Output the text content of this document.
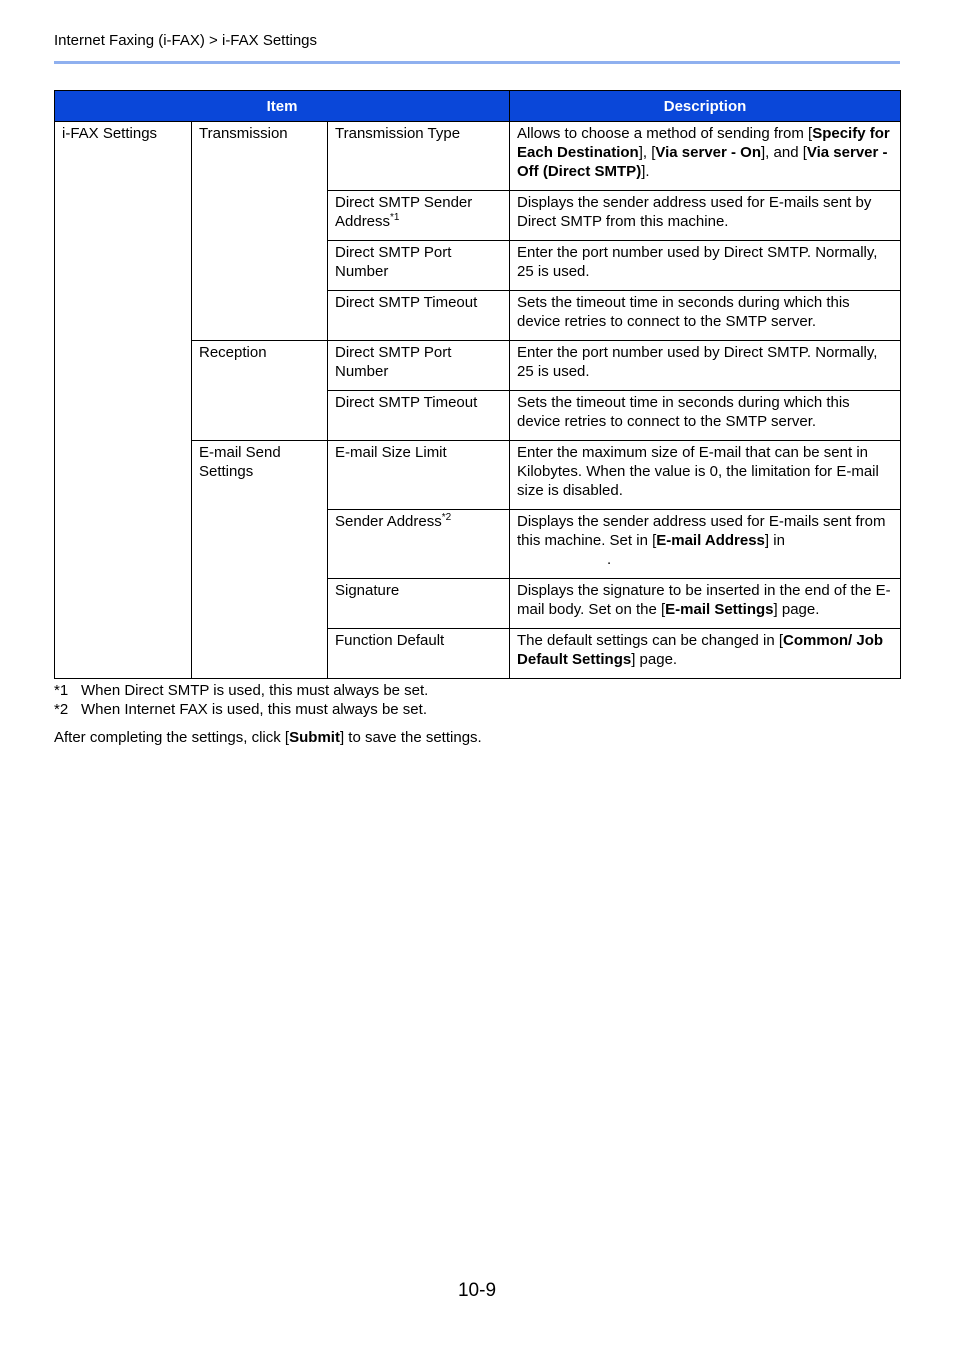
Internet Faxing (i-FAX) > i-FAX Settings
Item			Description
i-FAX Settings	Transmission	Transmission Type	Allows to choose a method of sending from [Specify for Each Destination], [Via server - On], and [Via server - Off (Direct SMTP)].
		Direct SMTP Sender Address$^{*1}$	Displays the sender address used for E-mails sent by Direct SMTP from this machine.
		Direct SMTP Port Number	Enter the port number used by Direct SMTP. Normally, 25 is used.
		Direct SMTP Timeout	Sets the timeout time in seconds during which this device retries to connect to the SMTP server.
	Reception	Direct SMTP Port Number	Enter the port number used by Direct SMTP. Normally, 25 is used.
		Direct SMTP Timeout	Sets the timeout time in seconds during which this device retries to connect to the SMTP server.
	E-mail Send Settings	E-mail Size Limit	Enter the maximum size of E-mail that can be sent in Kilobytes. When the value is 0, the limitation for E-mail size is disabled.
		Sender Address$^{*2}$	Displays the sender address used for E-mails sent from this machine. Set in [E-mail Address] in
.
		Signature	Displays the signature to be inserted in the end of the E-mail body. Set on the [E-mail Settings] page.
		Function Default	The default settings can be changed in [Common/ Job Default Settings] page.
*1 When Direct SMTP is used, this must always be set.
*2 When Internet FAX is used, this must always be set.
After completing the settings, click [Submit] to save the settings.
10-9
